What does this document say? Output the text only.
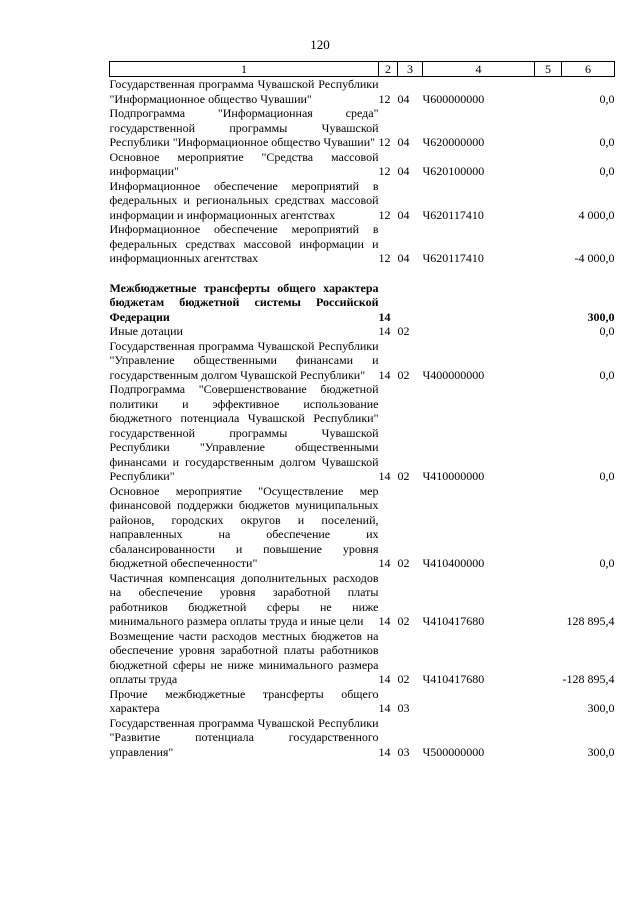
120
1	2	3	4	5	6
Государственная программа Чувашской Республики "Информационное общество Чувашии"	12	04	Ч600000000		0,0
Подпрограмма "Информационная среда" государственной программы Чувашской Республики "Информационное общество Чувашии"	12	04	Ч620000000		0,0
Основное мероприятие "Средства массовой информации"	12	04	Ч620100000		0,0
Информационное обеспечение мероприятий в федеральных и региональных средствах массовой информации и информационных агентствах	12	04	Ч620117410		4 000,0
Информационное обеспечение мероприятий в федеральных средствах массовой информации и информационных агентствах	12	04	Ч620117410		-4 000,0

Межбюджетные трансферты общего характера бюджетам бюджетной системы Российской Федерации	14				300,0
Иные дотации	14	02			0,0
Государственная программа Чувашской Республики "Управление общественными финансами и государственным долгом Чувашской Республики"	14	02	Ч400000000		0,0
Подпрограмма "Совершенствование бюджетной политики и эффективное использование бюджетного потенциала Чувашской Республики" государственной программы Чувашской Республики "Управление общественными финансами и государственным долгом Чувашской Республики"	14	02	Ч410000000		0,0
Основное мероприятие "Осуществление мер финансовой поддержки бюджетов муниципальных районов, городских округов и поселений, направленных на обеспечение их сбалансированности и повышение уровня бюджетной обеспеченности"	14	02	Ч410400000		0,0
Частичная компенсация дополнительных расходов на обеспечение уровня заработной платы работников бюджетной сферы не ниже минимального размера оплаты труда и иные цели	14	02	Ч410417680		128 895,4
Возмещение части расходов местных бюджетов на обеспечение уровня заработной платы работников бюджетной сферы не ниже минимального размера оплаты труда	14	02	Ч410417680		-128 895,4
Прочие межбюджетные трансферты общего характера	14	03			300,0
Государственная программа Чувашской Республики "Развитие потенциала государственного управления"	14	03	Ч500000000		300,0
